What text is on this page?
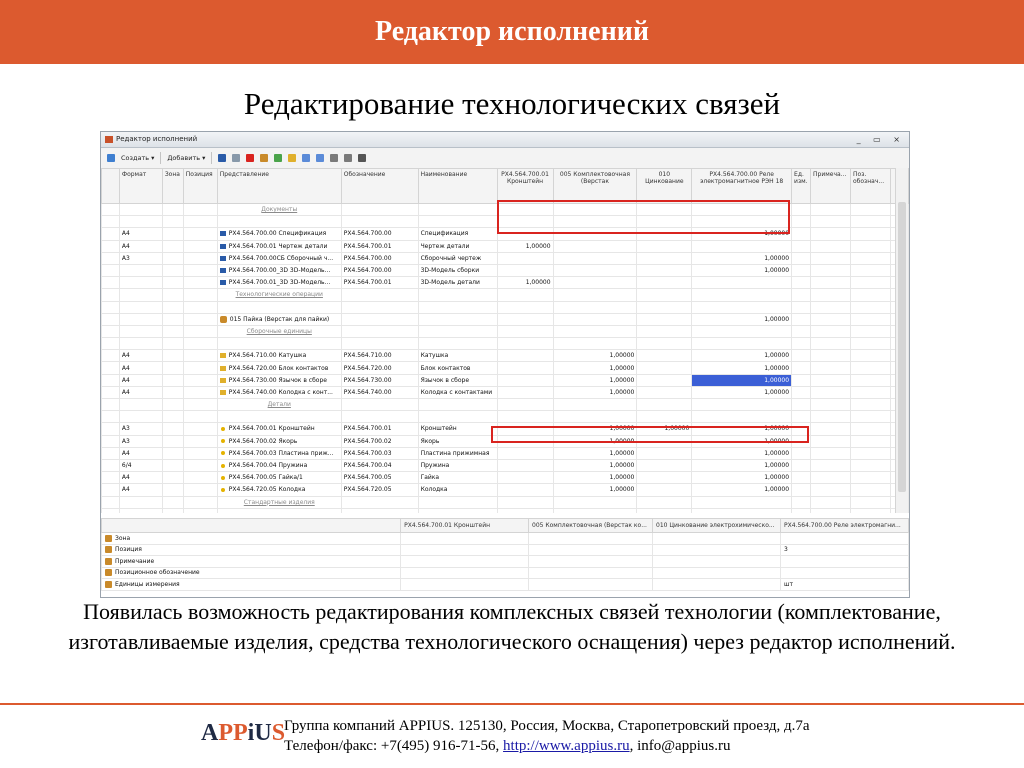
Редактор исполнений
Редактирование технологических связей
Редактор исполнений	_ ▭ ×
Создать ▾ Добавить ▾
	Формат	Зона	Позиция	Представление	Обозначение	Наименование	РХ4.564.700.01 Кронштейн	005 Комплектовочная (Верстак	010 Цинкование	РХ4.564.700.00 Реле электромагнитное РЭН 18	Ед. изм.	Примеча...	Поз. обознач...	
				Документы										

	А4			РХ4.564.700.00 Спецификация	РХ4.564.700.00	Спецификация				1,00000				
	А4			РХ4.564.700.01 Чертеж детали	РХ4.564.700.01	Чертеж детали	1,00000							
	А3			РХ4.564.700.00СБ Сборочный ч...	РХ4.564.700.00	Сборочный чертеж				1,00000				
				РХ4.564.700.00_3D 3D-Модель...	РХ4.564.700.00	3D-Модель сборки				1,00000				
				РХ4.564.700.01_3D 3D-Модель...	РХ4.564.700.01	3D-Модель детали	1,00000							
				Технологические операции										

				015 Пайка (Верстак для пайки)						1,00000				
				Сборочные единицы										

	А4			РХ4.564.710.00 Катушка	РХ4.564.710.00	Катушка		1,00000		1,00000				
	А4			РХ4.564.720.00 Блок контактов	РХ4.564.720.00	Блок контактов		1,00000		1,00000				
	А4			РХ4.564.730.00 Язычок в сборе	РХ4.564.730.00	Язычок в сборе		1,00000		1,00000				
	А4			РХ4.564.740.00 Колодка с конт...	РХ4.564.740.00	Колодка с контактами		1,00000		1,00000				
				Детали										

	А3			РХ4.564.700.01 Кронштейн	РХ4.564.700.01	Кронштейн		1,00000	1,00000	1,00000				
	А3			РХ4.564.700.02 Якорь	РХ4.564.700.02	Якорь		1,00000		1,00000				
	А4			РХ4.564.700.03 Пластина приж...	РХ4.564.700.03	Пластина прижимная		1,00000		1,00000				
	6/4			РХ4.564.700.04 Пружина	РХ4.564.700.04	Пружина		1,00000		1,00000				
	А4			РХ4.564.700.05 Гайка/1	РХ4.564.700.05	Гайка		1,00000		1,00000				
	А4			РХ4.564.720.05 Колодка	РХ4.564.720.05	Колодка		1,00000		1,00000				
				Стандартные изделия										

	РХ4.564.700.01 Кронштейн	005 Комплектовочная (Верстак ко...	010 Цинкование электрохимическо...	РХ4.564.700.00 Реле электромагни...
Зона				
Позиция				3
Примечание				
Позиционное обозначение				
Единицы измерения				шт
Появилась возможность редактирования комплексных связей технологии (комплектование, изготавливаемые изделия, средства технологического оснащения) через редактор исполнений.
APPiUS
Группа компаний APPIUS. 125130, Россия, Москва, Старопетровский проезд, д.7а
Телефон/факс: +7(495) 916-71-56, http://www.appius.ru, info@appius.ru
